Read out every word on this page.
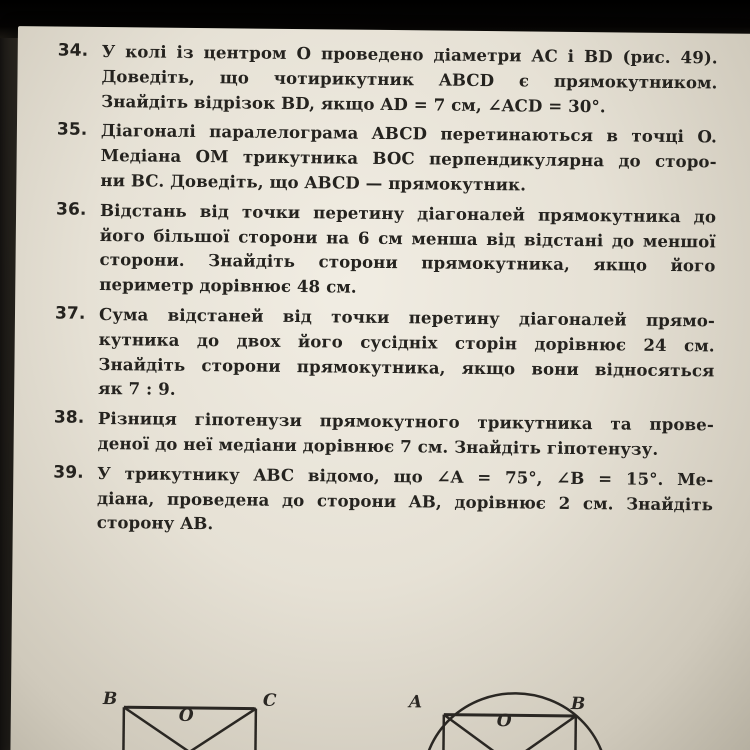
34. У колі із центром O проведено діаметри AC і BD (рис. 49).
Доведіть, що чотирикутник ABCD є прямокутником.
Знайдіть відрізок BD, якщо AD = 7 см, ∠ACD = 30°.
35. Діагоналі паралелограма ABCD перетинаються в точці O.
Медіана OM трикутника BOC перпендикулярна до сторо-
ни BC. Доведіть, що ABCD — прямокутник.
36. Відстань від точки перетину діагоналей прямокутника до
його більшої сторони на 6 см менша від відстані до меншої
сторони. Знайдіть сторони прямокутника, якщо його
периметр дорівнює 48 см.
37. Сума відстаней від точки перетину діагоналей прямо-
кутника до двох його сусідніх сторін дорівнює 24 см.
Знайдіть сторони прямокутника, якщо вони відносяться
як 7 : 9.
38. Різниця гіпотенузи прямокутного трикутника та прове-
деної до неї медіани дорівнює 7 см. Знайдіть гіпотенузу.
39. У трикутнику ABC відомо, що ∠A = 75°, ∠B = 15°. Ме-
діана, проведена до сторони AB, дорівнює 2 см. Знайдіть
сторону AB.
B	C
O
A	B
O
